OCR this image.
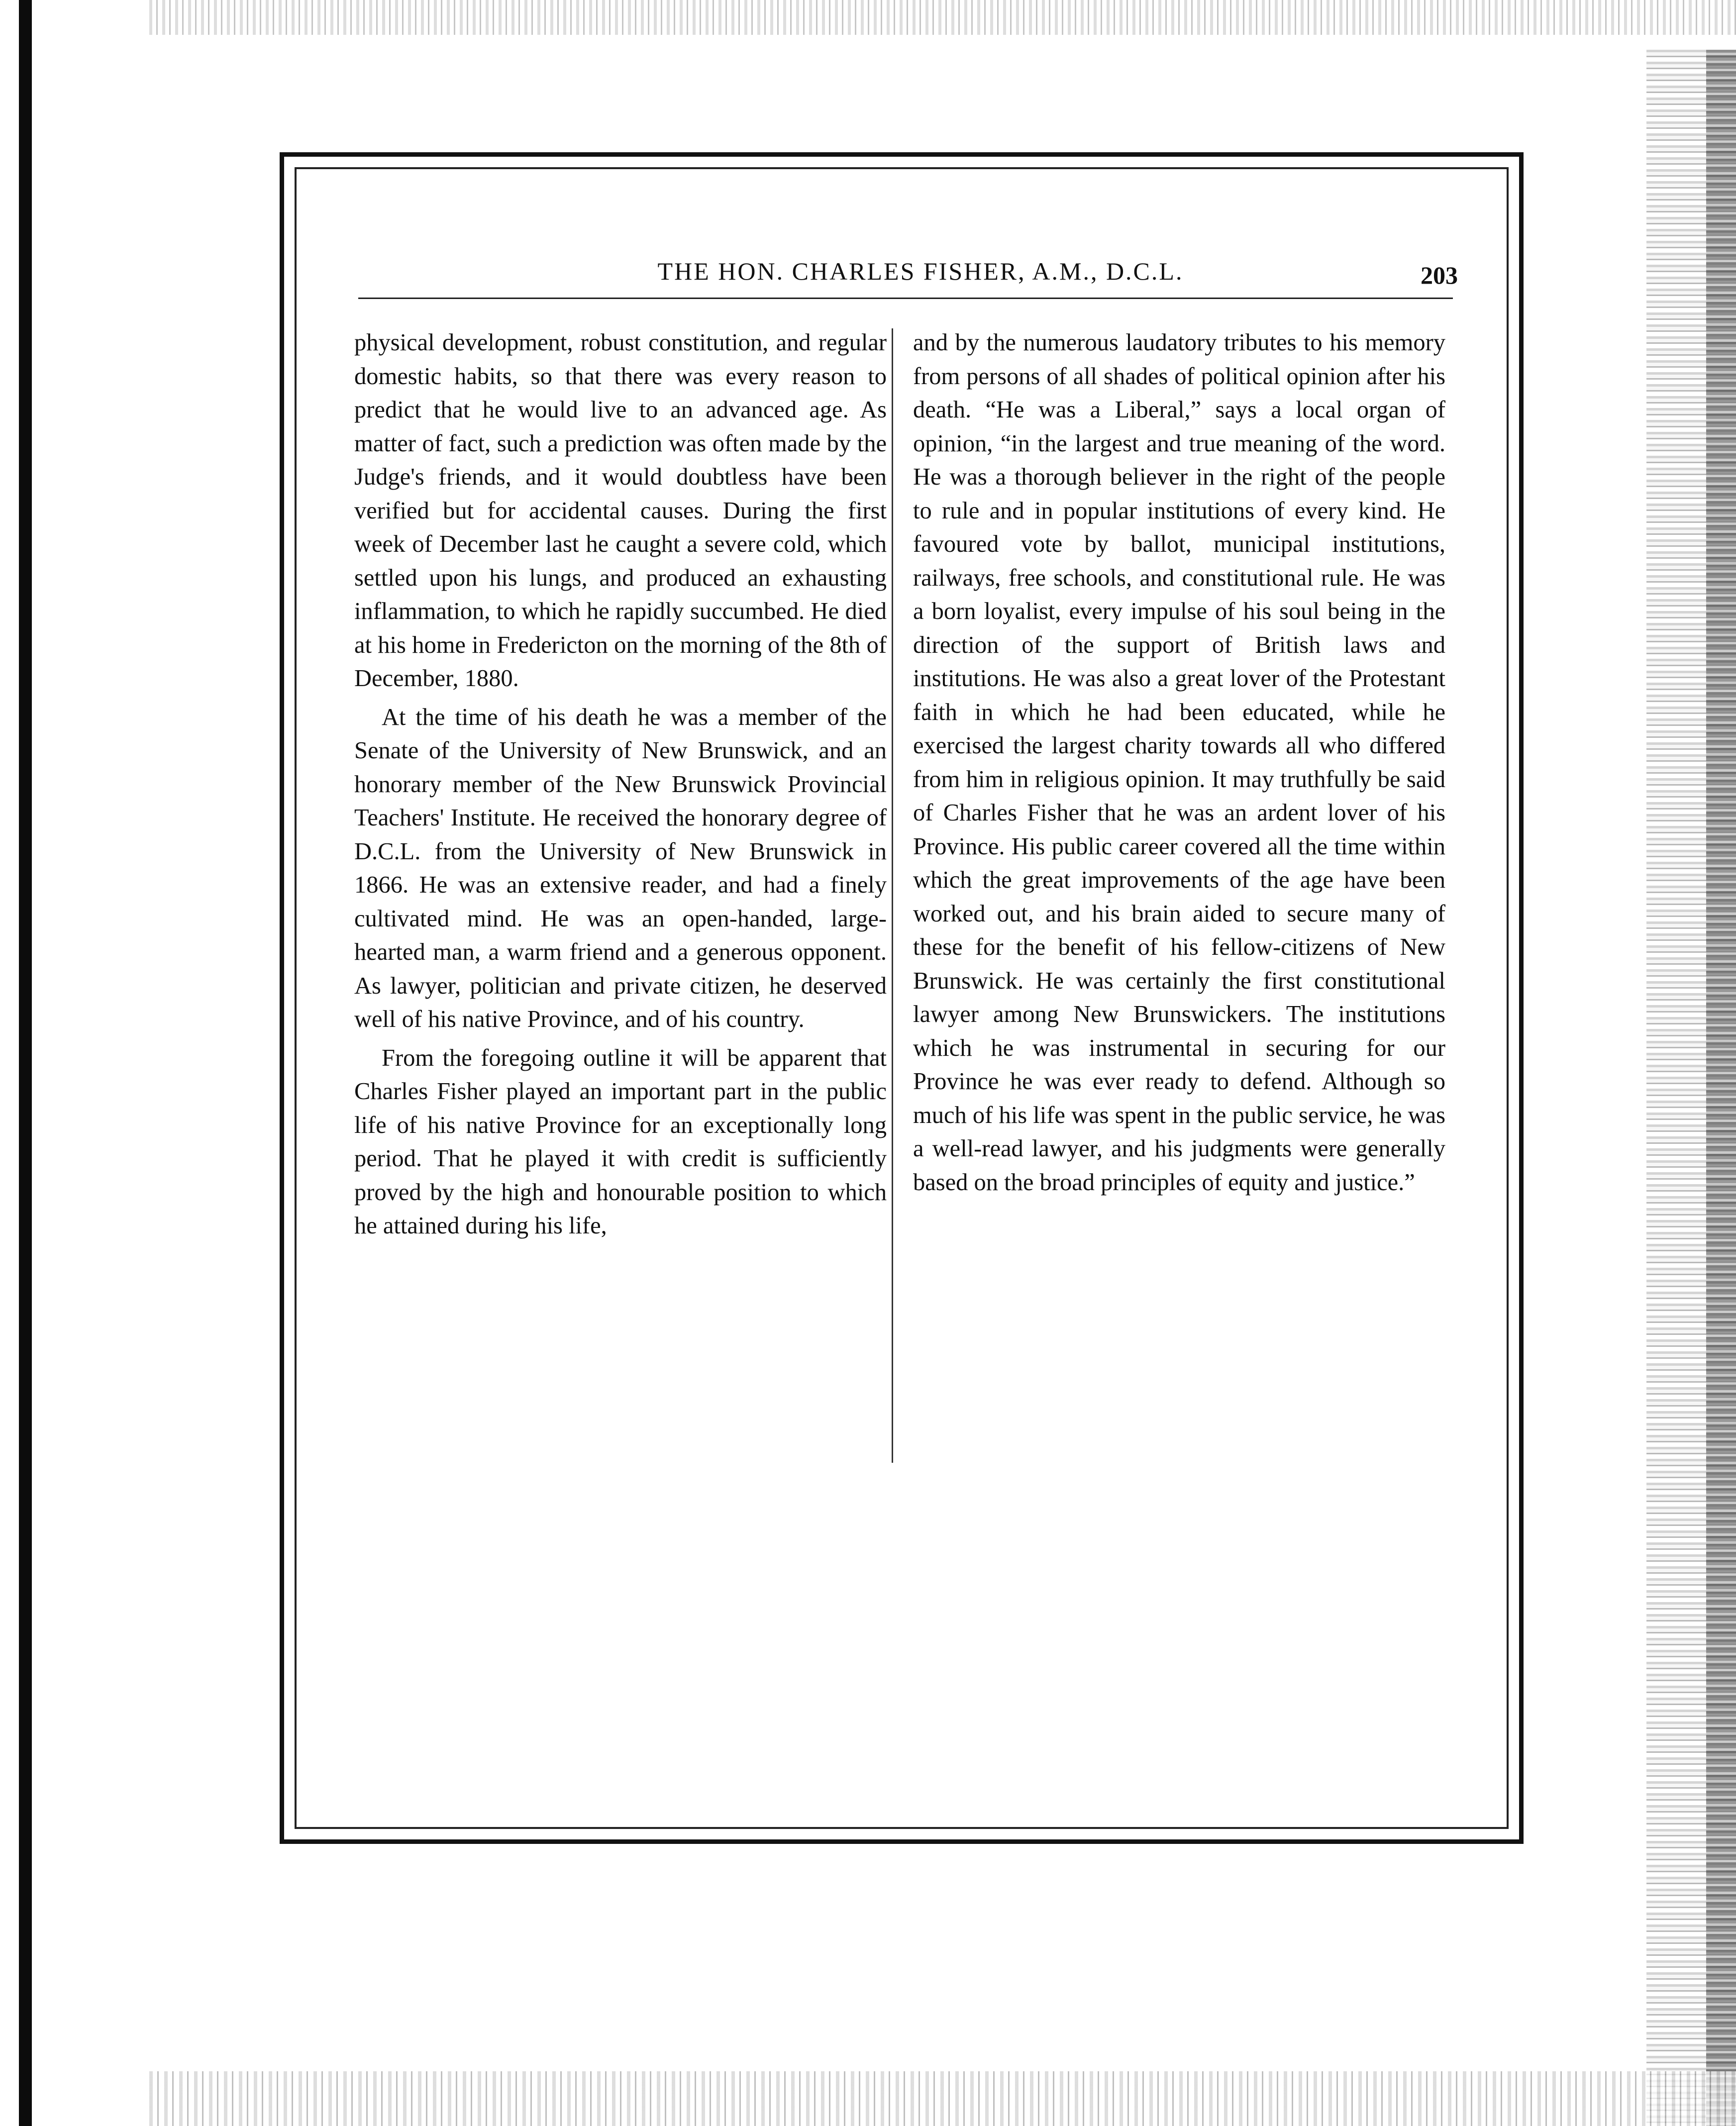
THE HON. CHARLES FISHER, A.M., D.C.L.	203

physical development, robust constitution, and regular domestic habits, so that there was every reason to predict that he would live to an advanced age. As matter of fact, such a prediction was often made by the Judge's friends, and it would doubtless have been verified but for accidental causes. During the first week of December last he caught a severe cold, which settled upon his lungs, and produced an exhausting inflammation, to which he rapidly succumbed. He died at his home in Fredericton on the morning of the 8th of December, 1880.

At the time of his death he was a member of the Senate of the University of New Brunswick, and an honorary member of the New Brunswick Provincial Teachers' Institute. He received the honorary degree of D.C.L. from the University of New Brunswick in 1866. He was an extensive reader, and had a finely cultivated mind. He was an open-handed, large-hearted man, a warm friend and a generous opponent. As lawyer, politician and private citizen, he deserved well of his native Province, and of his country.

From the foregoing outline it will be apparent that Charles Fisher played an important part in the public life of his native Province for an exceptionally long period. That he played it with credit is sufficiently proved by the high and honourable position to which he attained during his life,

and by the numerous laudatory tributes to his memory from persons of all shades of political opinion after his death. “He was a Liberal,” says a local organ of opinion, “in the largest and true meaning of the word. He was a thorough believer in the right of the people to rule and in popular institutions of every kind. He favoured vote by ballot, municipal institutions, railways, free schools, and constitutional rule. He was a born loyalist, every impulse of his soul being in the direction of the support of British laws and institutions. He was also a great lover of the Protestant faith in which he had been educated, while he exercised the largest charity towards all who differed from him in religious opinion. It may truthfully be said of Charles Fisher that he was an ardent lover of his Province. His public career covered all the time within which the great improvements of the age have been worked out, and his brain aided to secure many of these for the benefit of his fellow-citizens of New Brunswick. He was certainly the first constitutional lawyer among New Brunswickers. The institutions which he was instrumental in securing for our Province he was ever ready to defend. Although so much of his life was spent in the public service, he was a well-read lawyer, and his judgments were generally based on the broad principles of equity and justice.”
